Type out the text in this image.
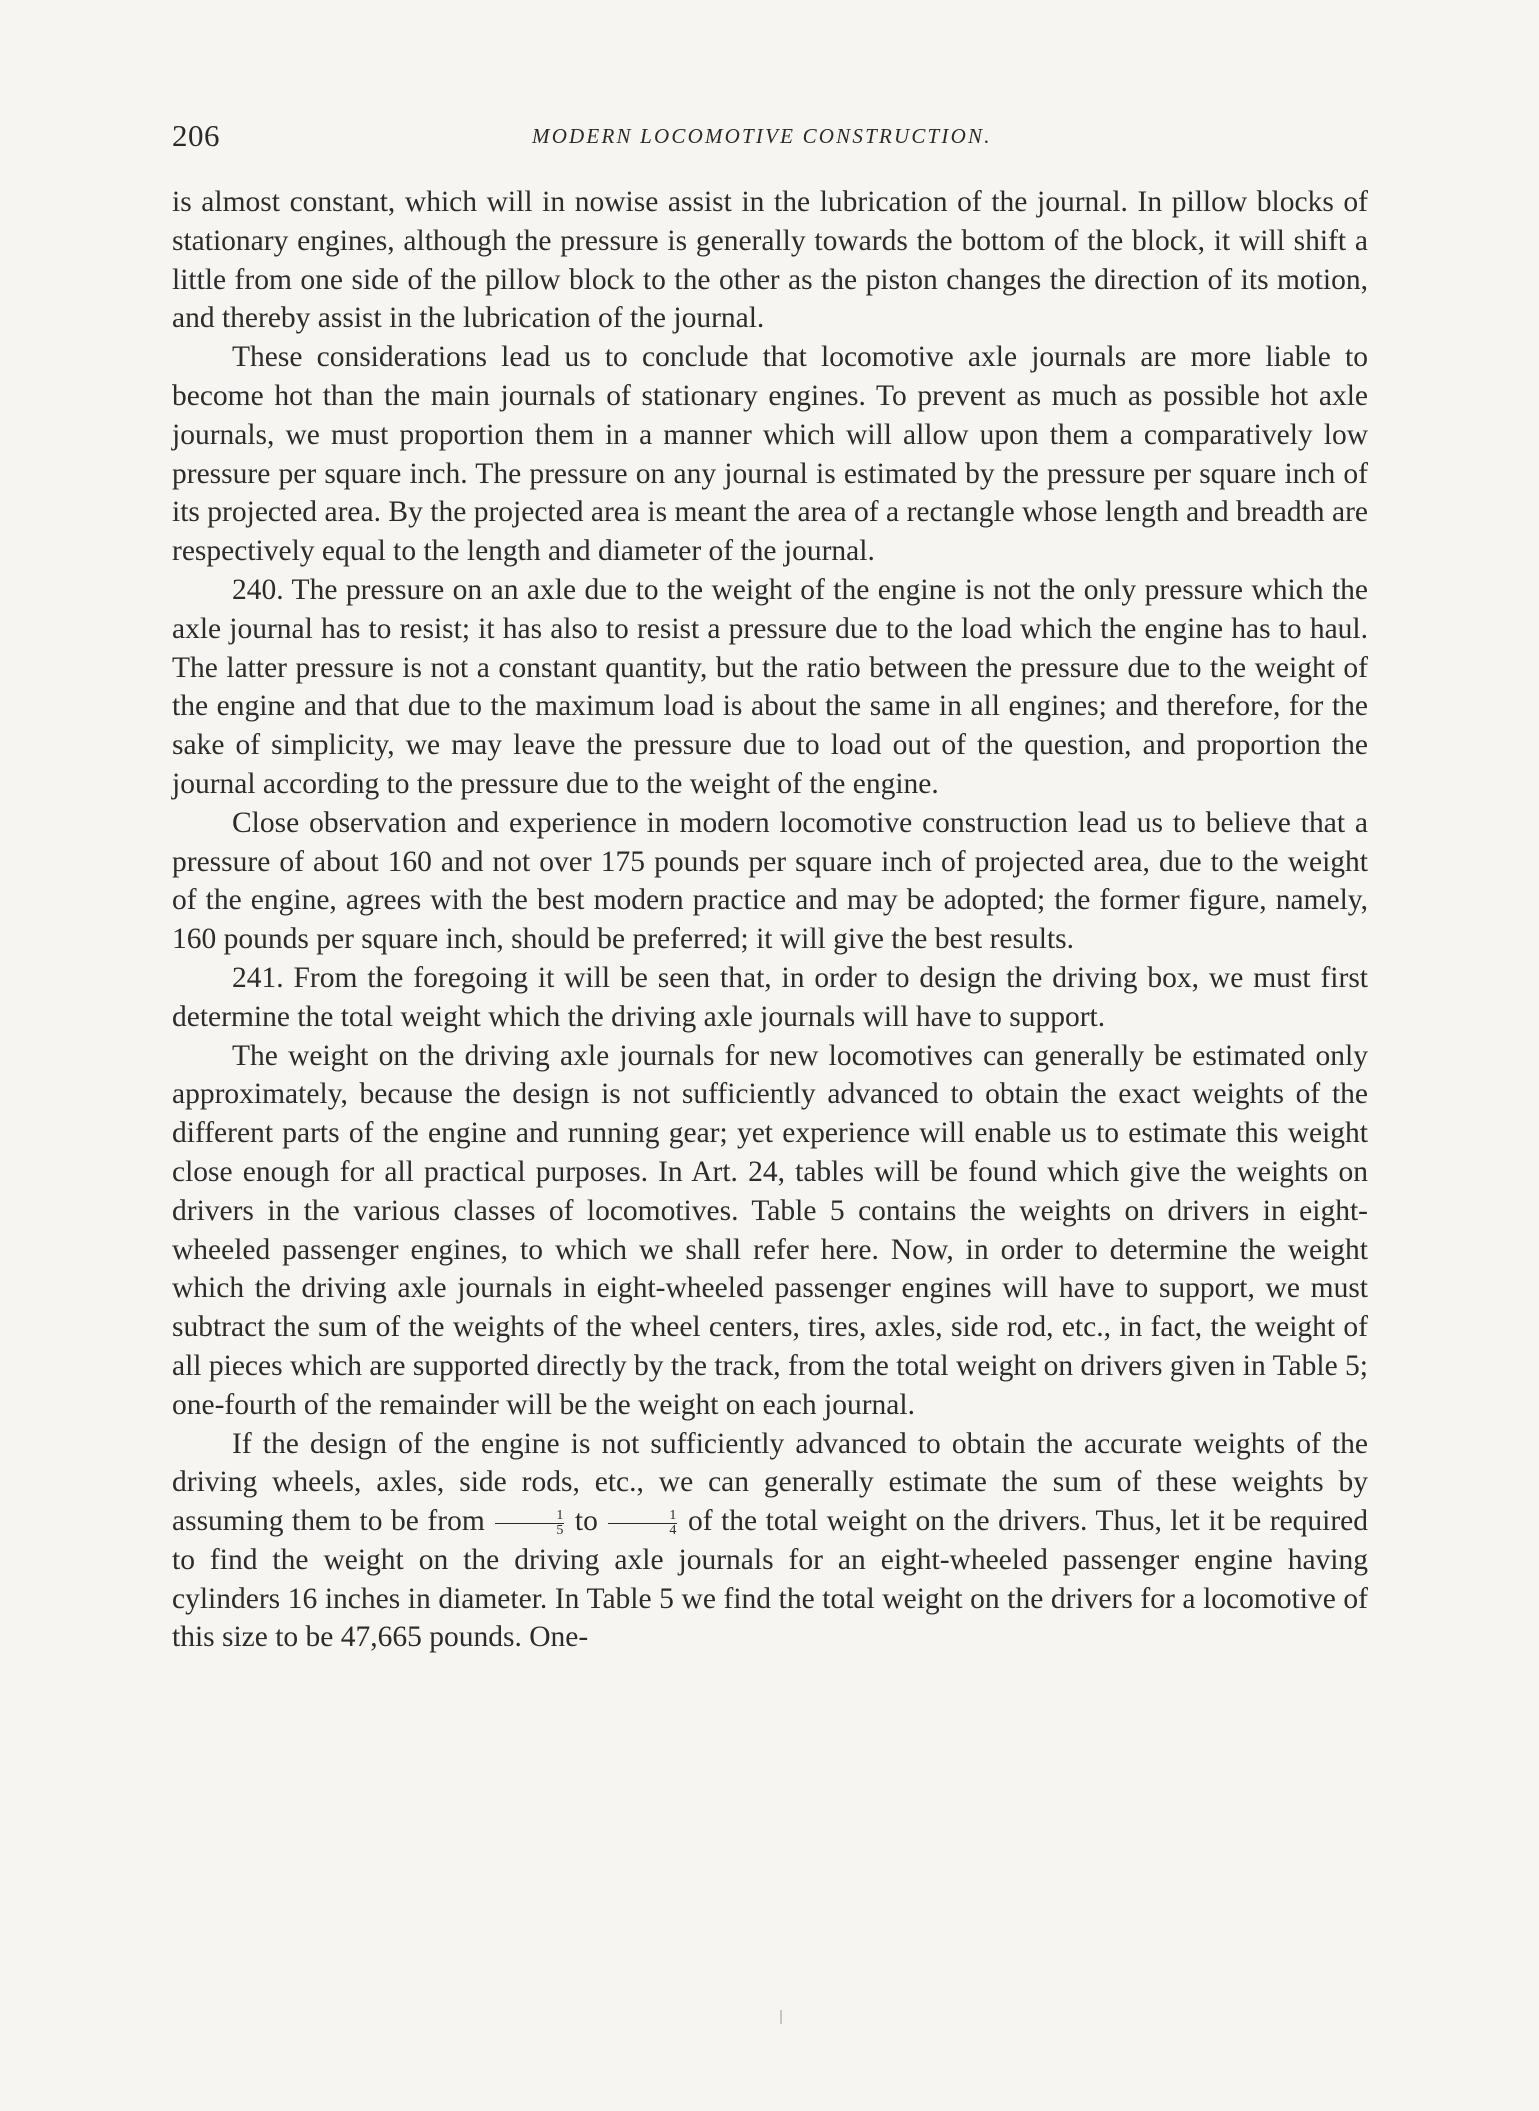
206	MODERN LOCOMOTIVE CONSTRUCTION.

is almost constant, which will in nowise assist in the lubrication of the journal. In pillow blocks of stationary engines, although the pressure is generally towards the bottom of the block, it will shift a little from one side of the pillow block to the other as the piston changes the direction of its motion, and thereby assist in the lubrication of the journal.

These considerations lead us to conclude that locomotive axle journals are more liable to become hot than the main journals of stationary engines. To prevent as much as possible hot axle journals, we must proportion them in a manner which will allow upon them a comparatively low pressure per square inch. The pressure on any journal is estimated by the pressure per square inch of its projected area. By the projected area is meant the area of a rectangle whose length and breadth are respectively equal to the length and diameter of the journal.

240. The pressure on an axle due to the weight of the engine is not the only pressure which the axle journal has to resist; it has also to resist a pressure due to the load which the engine has to haul. The latter pressure is not a constant quantity, but the ratio between the pressure due to the weight of the engine and that due to the maximum load is about the same in all engines; and therefore, for the sake of simplicity, we may leave the pressure due to load out of the question, and proportion the journal according to the pressure due to the weight of the engine.

Close observation and experience in modern locomotive construction lead us to believe that a pressure of about 160 and not over 175 pounds per square inch of projected area, due to the weight of the engine, agrees with the best modern practice and may be adopted; the former figure, namely, 160 pounds per square inch, should be preferred; it will give the best results.

241. From the foregoing it will be seen that, in order to design the driving box, we must first determine the total weight which the driving axle journals will have to support.

The weight on the driving axle journals for new locomotives can generally be estimated only approximately, because the design is not sufficiently advanced to obtain the exact weights of the different parts of the engine and running gear; yet experience will enable us to estimate this weight close enough for all practical purposes. In Art. 24, tables will be found which give the weights on drivers in the various classes of locomotives. Table 5 contains the weights on drivers in eight-wheeled passenger engines, to which we shall refer here. Now, in order to determine the weight which the driving axle journals in eight-wheeled passenger engines will have to support, we must subtract the sum of the weights of the wheel centers, tires, axles, side rod, etc., in fact, the weight of all pieces which are supported directly by the track, from the total weight on drivers given in Table 5; one-fourth of the remainder will be the weight on each journal.

If the design of the engine is not sufficiently advanced to obtain the accurate weights of the driving wheels, axles, side rods, etc., we can generally estimate the sum of these weights by assuming them to be from $\frac{1}{5}$ to $\frac{1}{4}$ of the total weight on the drivers. Thus, let it be required to find the weight on the driving axle journals for an eight-wheeled passenger engine having cylinders 16 inches in diameter. In Table 5 we find the total weight on the drivers for a locomotive of this size to be 47,665 pounds. One-
